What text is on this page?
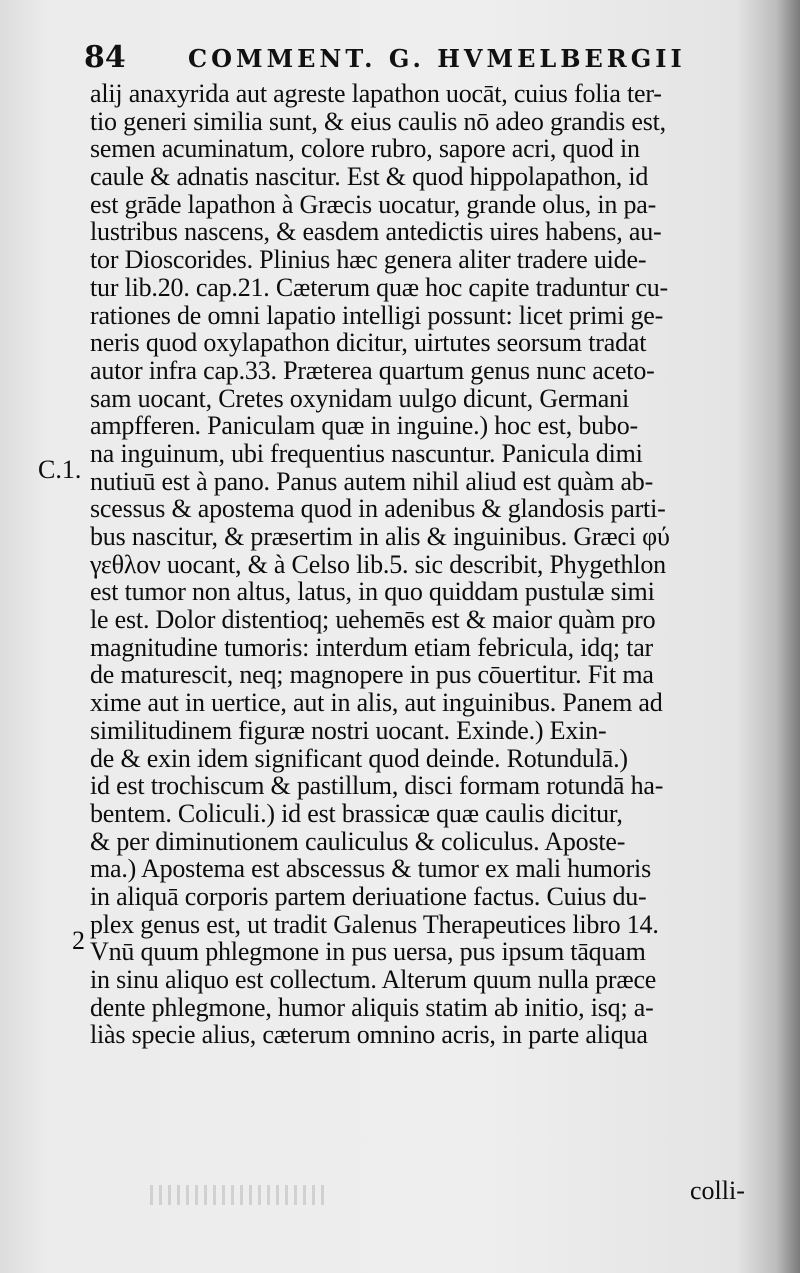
84	COMMENT. G. HVMELBERGII
C.1.
2
alij anaxyrida aut agreste lapathon uocāt, cuius folia ter-
tio generi similia sunt, & eius caulis nō adeo grandis est,
semen acuminatum, colore rubro, sapore acri, quod in
caule & adnatis nascitur. Est & quod hippolapathon, id
est grāde lapathon à Græcis uocatur, grande olus, in pa-
lustribus nascens, & easdem antedictis uires habens, au-
tor Dioscorides. Plinius hæc genera aliter tradere uide-
tur lib.20. cap.21. Cæterum quæ hoc capite traduntur cu-
rationes de omni lapatio intelligi possunt: licet primi ge-
neris quod oxylapathon dicitur, uirtutes seorsum tradat
autor infra cap.33. Præterea quartum genus nunc aceto-
sam uocant, Cretes oxynidam uulgo dicunt, Germani
ampfferen. Paniculam quæ in inguine.) hoc est, bubo-
na inguinum, ubi frequentius nascuntur. Panicula dimi
nutiuū est à pano. Panus autem nihil aliud est quàm ab-
scessus & apostema quod in adenibus & glandosis parti-
bus nascitur, & præsertim in alis & inguinibus. Græci φύ
γεθλον uocant, & à Celso lib.5. sic describit, Phygethlon
est tumor non altus, latus, in quo quiddam pustulæ simi
le est. Dolor distentioq; uehemēs est & maior quàm pro
magnitudine tumoris: interdum etiam febricula, idq; tar
de maturescit, neq; magnopere in pus cōuertitur. Fit ma
xime aut in uertice, aut in alis, aut inguinibus. Panem ad
similitudinem figuræ nostri uocant. Exinde.) Exin-
de & exin idem significant quod deinde. Rotundulā.)
id est trochiscum & pastillum, disci formam rotundā ha-
bentem. Coliculi.) id est brassicæ quæ caulis dicitur,
& per diminutionem cauliculus & coliculus. Aposte-
ma.) Apostema est abscessus & tumor ex mali humoris
in aliquā corporis partem deriuatione factus. Cuius du-
plex genus est, ut tradit Galenus Therapeutices libro 14.
Vnū quum phlegmone in pus uersa, pus ipsum tāquam
in sinu aliquo est collectum. Alterum quum nulla præce
dente phlegmone, humor aliquis statim ab initio, isq; a-
liàs specie alius, cæterum omnino acris, in parte aliqua
colli-
